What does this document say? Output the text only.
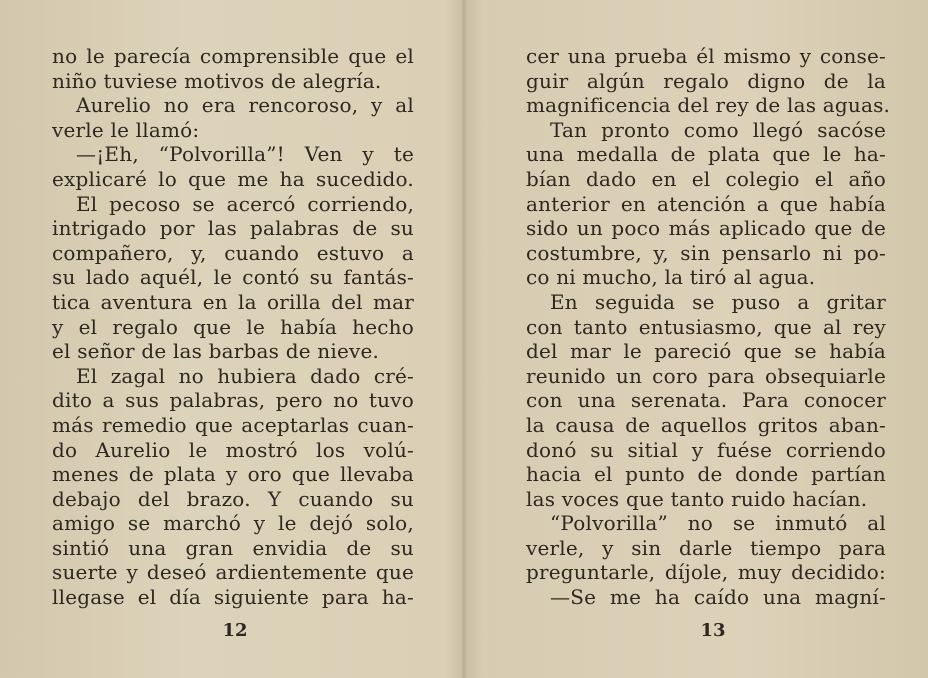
no le parecía comprensible que el
niño tuviese motivos de alegría.
Aurelio no era rencoroso, y al
verle le llamó:
—¡Eh, “Polvorilla”! Ven y te
explicaré lo que me ha sucedido.
El pecoso se acercó corriendo,
intrigado por las palabras de su
compañero, y, cuando estuvo a
su lado aquél, le contó su fantás-
tica aventura en la orilla del mar
y el regalo que le había hecho
el señor de las barbas de nieve.
El zagal no hubiera dado cré-
dito a sus palabras, pero no tuvo
más remedio que aceptarlas cuan-
do Aurelio le mostró los volú-
menes de plata y oro que llevaba
debajo del brazo. Y cuando su
amigo se marchó y le dejó solo,
sintió una gran envidia de su
suerte y deseó ardientemente que
llegase el día siguiente para ha-
cer una prueba él mismo y conse-
guir algún regalo digno de la
magnificencia del rey de las aguas.
Tan pronto como llegó sacóse
una medalla de plata que le ha-
bían dado en el colegio el año
anterior en atención a que había
sido un poco más aplicado que de
costumbre, y, sin pensarlo ni po-
co ni mucho, la tiró al agua.
En seguida se puso a gritar
con tanto entusiasmo, que al rey
del mar le pareció que se había
reunido un coro para obsequiarle
con una serenata. Para conocer
la causa de aquellos gritos aban-
donó su sitial y fuése corriendo
hacia el punto de donde partían
las voces que tanto ruido hacían.
“Polvorilla” no se inmutó al
verle, y sin darle tiempo para
preguntarle, díjole, muy decidido:
—Se me ha caído una magní-
12	13
